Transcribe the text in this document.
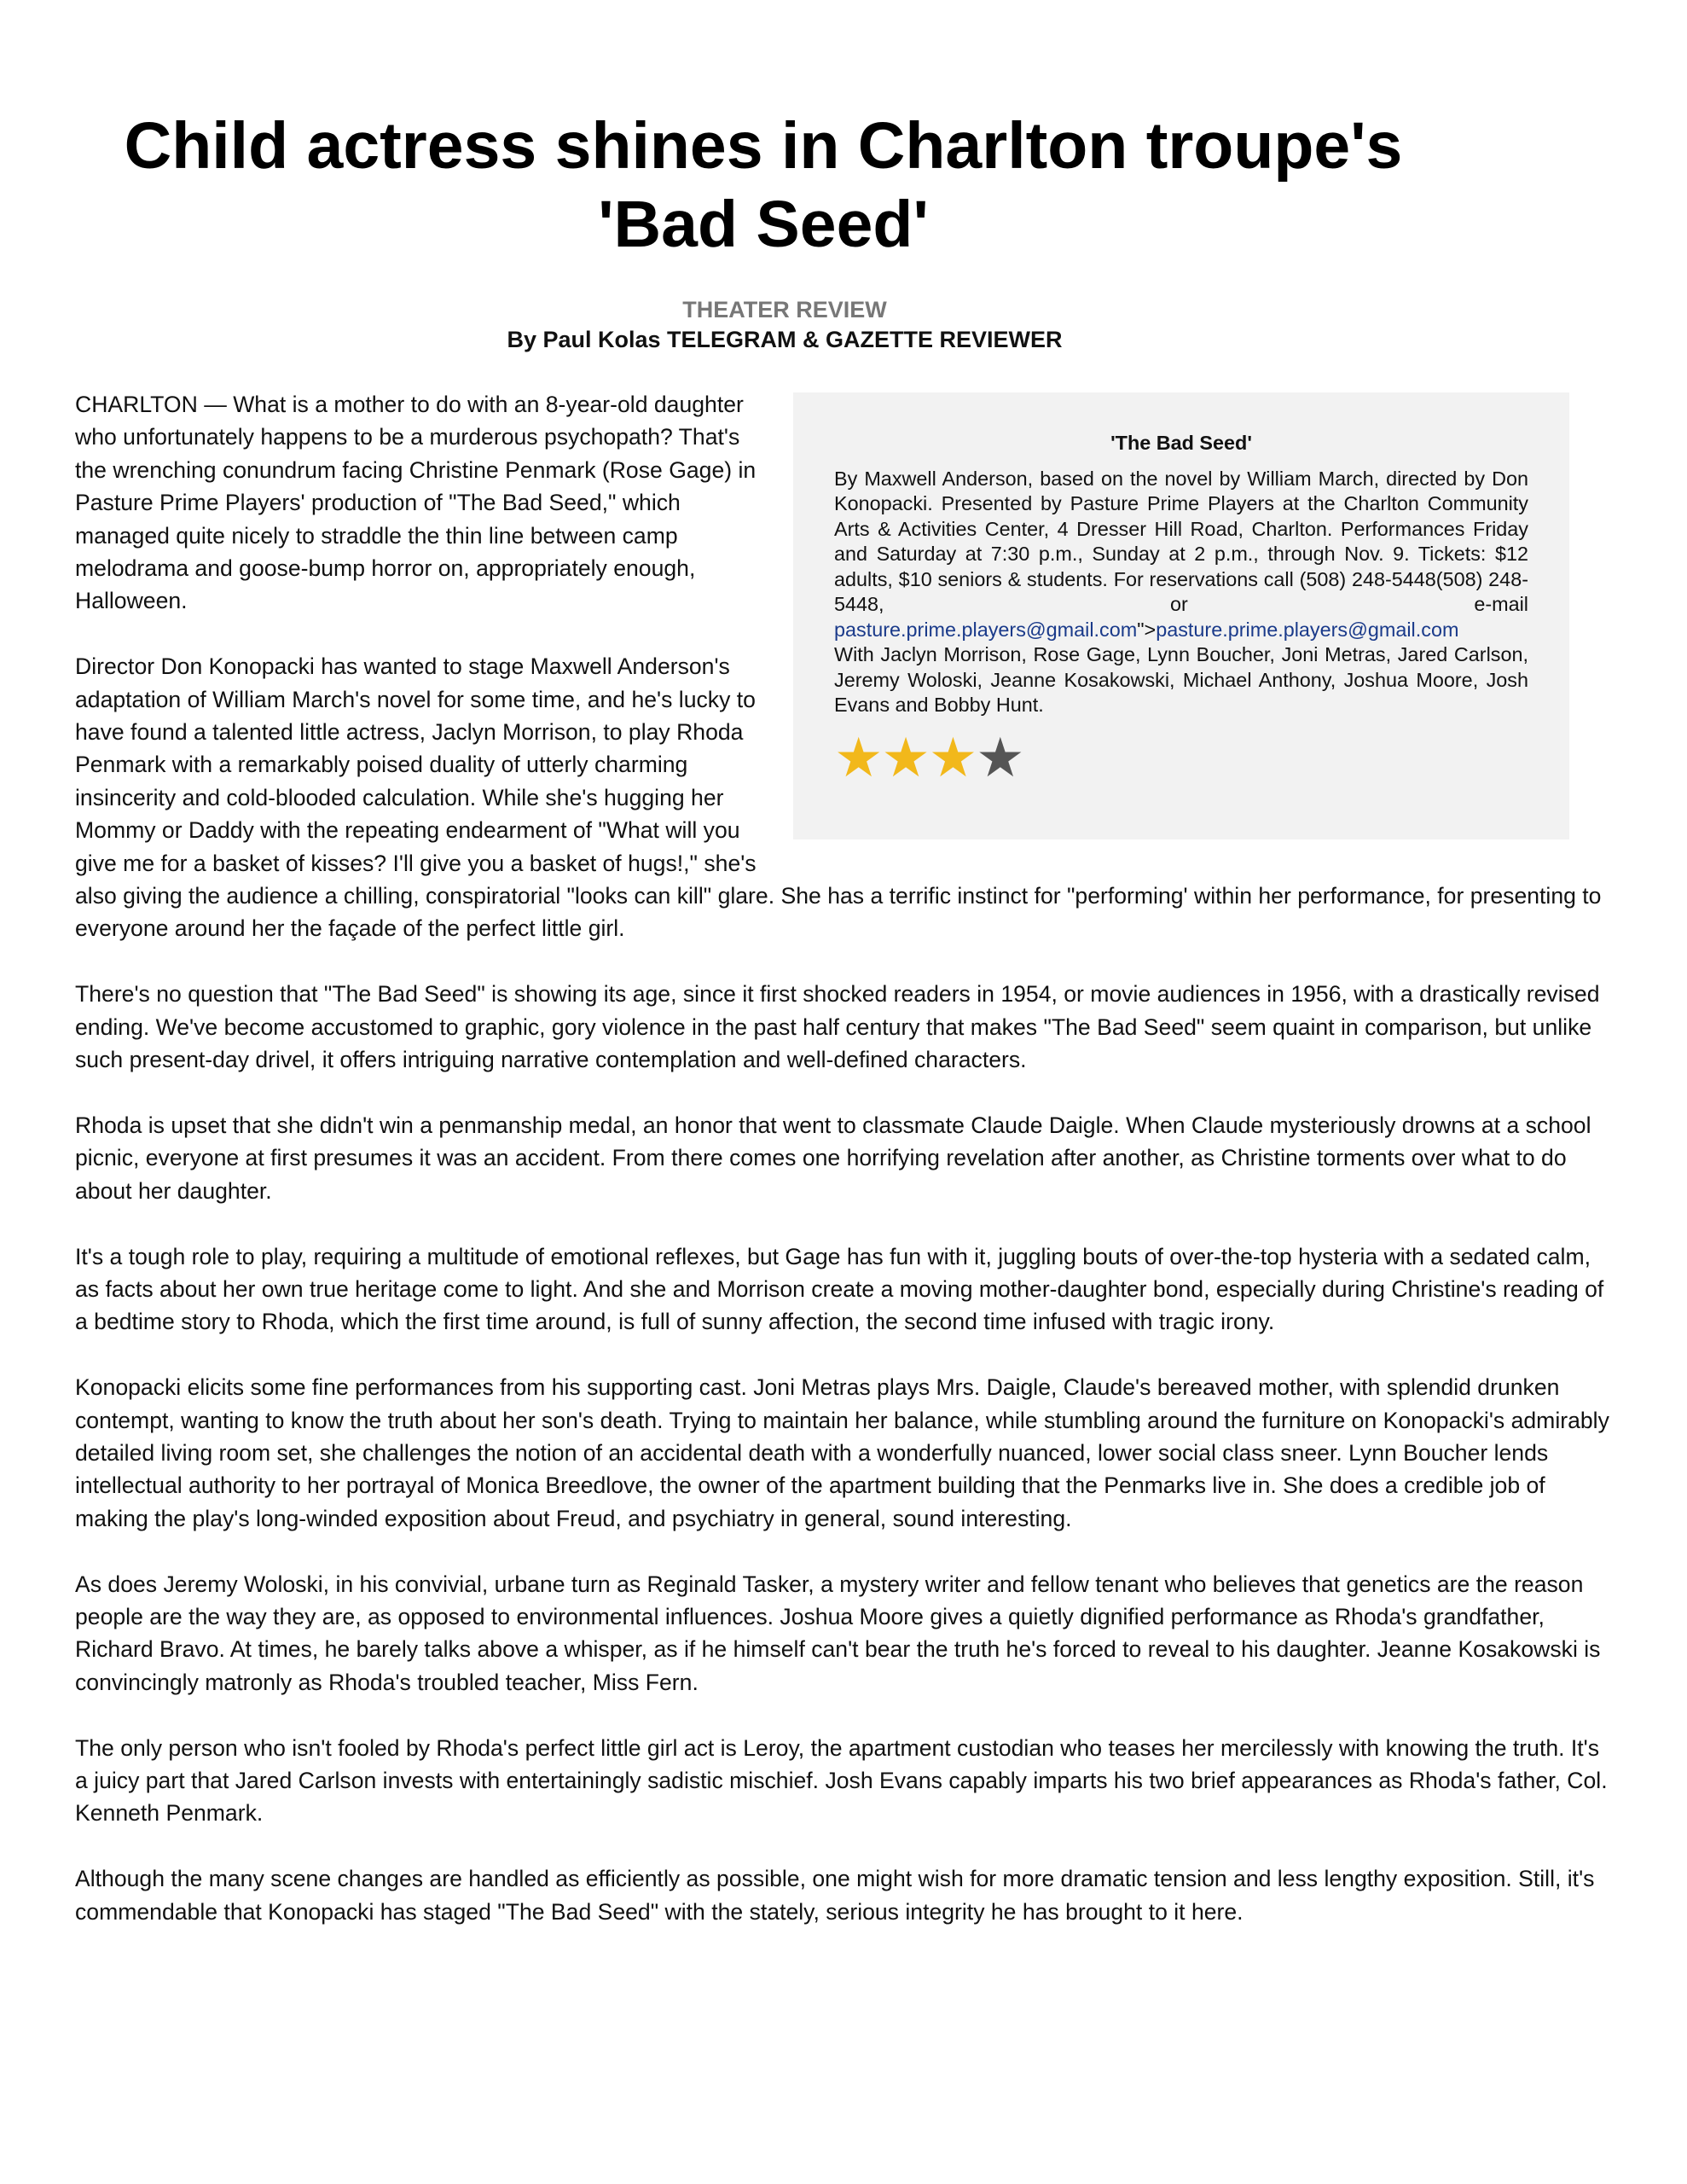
Child actress shines in Charlton troupe's 'Bad Seed'
THEATER REVIEW
By Paul Kolas TELEGRAM & GAZETTE REVIEWER
'The Bad Seed'
By Maxwell Anderson, based on the novel by William March, directed by Don Konopacki. Presented by Pasture Prime Players at the Charlton Community Arts & Activities Center, 4 Dresser Hill Road, Charlton. Performances Friday and Saturday at 7:30 p.m., Sunday at 2 p.m., through Nov. 9. Tickets: $12 adults, $10 seniors & students. For reservations call (508) 248-5448(508) 248-5448, or e-mail pasture.prime.players@gmail.com">pasture.prime.players@gmail.com
With Jaclyn Morrison, Rose Gage, Lynn Boucher, Joni Metras, Jared Carlson, Jeremy Woloski, Jeanne Kosakowski, Michael Anthony, Joshua Moore, Josh Evans and Bobby Hunt.
★★★★

CHARLTON — What is a mother to do with an 8-year-old daughter who unfortunately happens to be a murderous psychopath? That's the wrenching conundrum facing Christine Penmark (Rose Gage) in Pasture Prime Players' production of "The Bad Seed," which managed quite nicely to straddle the thin line between camp melodrama and goose-bump horror on, appropriately enough, Halloween.

Director Don Konopacki has wanted to stage Maxwell Anderson's adaptation of William March's novel for some time, and he's lucky to have found a talented little actress, Jaclyn Morrison, to play Rhoda Penmark with a remarkably poised duality of utterly charming insincerity and cold-blooded calculation. While she's hugging her Mommy or Daddy with the repeating endearment of "What will you give me for a basket of kisses? I'll give you a basket of hugs!," she's also giving the audience a chilling, conspiratorial "looks can kill" glare. She has a terrific instinct for "performing' within her performance, for presenting to everyone around her the façade of the perfect little girl.

There's no question that "The Bad Seed" is showing its age, since it first shocked readers in 1954, or movie audiences in 1956, with a drastically revised ending. We've become accustomed to graphic, gory violence in the past half century that makes "The Bad Seed" seem quaint in comparison, but unlike such present-day drivel, it offers intriguing narrative contemplation and well-defined characters.

Rhoda is upset that she didn't win a penmanship medal, an honor that went to classmate Claude Daigle. When Claude mysteriously drowns at a school picnic, everyone at first presumes it was an accident. From there comes one horrifying revelation after another, as Christine torments over what to do about her daughter.

It's a tough role to play, requiring a multitude of emotional reflexes, but Gage has fun with it, juggling bouts of over-the-top hysteria with a sedated calm, as facts about her own true heritage come to light. And she and Morrison create a moving mother-daughter bond, especially during Christine's reading of a bedtime story to Rhoda, which the first time around, is full of sunny affection, the second time infused with tragic irony.

Konopacki elicits some fine performances from his supporting cast. Joni Metras plays Mrs. Daigle, Claude's bereaved mother, with splendid drunken contempt, wanting to know the truth about her son's death. Trying to maintain her balance, while stumbling around the furniture on Konopacki's admirably detailed living room set, she challenges the notion of an accidental death with a wonderfully nuanced, lower social class sneer. Lynn Boucher lends intellectual authority to her portrayal of Monica Breedlove, the owner of the apartment building that the Penmarks live in. She does a credible job of making the play's long-winded exposition about Freud, and psychiatry in general, sound interesting.

As does Jeremy Woloski, in his convivial, urbane turn as Reginald Tasker, a mystery writer and fellow tenant who believes that genetics are the reason people are the way they are, as opposed to environmental influences. Joshua Moore gives a quietly dignified performance as Rhoda's grandfather, Richard Bravo. At times, he barely talks above a whisper, as if he himself can't bear the truth he's forced to reveal to his daughter. Jeanne Kosakowski is convincingly matronly as Rhoda's troubled teacher, Miss Fern.

The only person who isn't fooled by Rhoda's perfect little girl act is Leroy, the apartment custodian who teases her mercilessly with knowing the truth. It's a juicy part that Jared Carlson invests with entertainingly sadistic mischief. Josh Evans capably imparts his two brief appearances as Rhoda's father, Col. Kenneth Penmark.

Although the many scene changes are handled as efficiently as possible, one might wish for more dramatic tension and less lengthy exposition. Still, it's commendable that Konopacki has staged "The Bad Seed" with the stately, serious integrity he has brought to it here.
